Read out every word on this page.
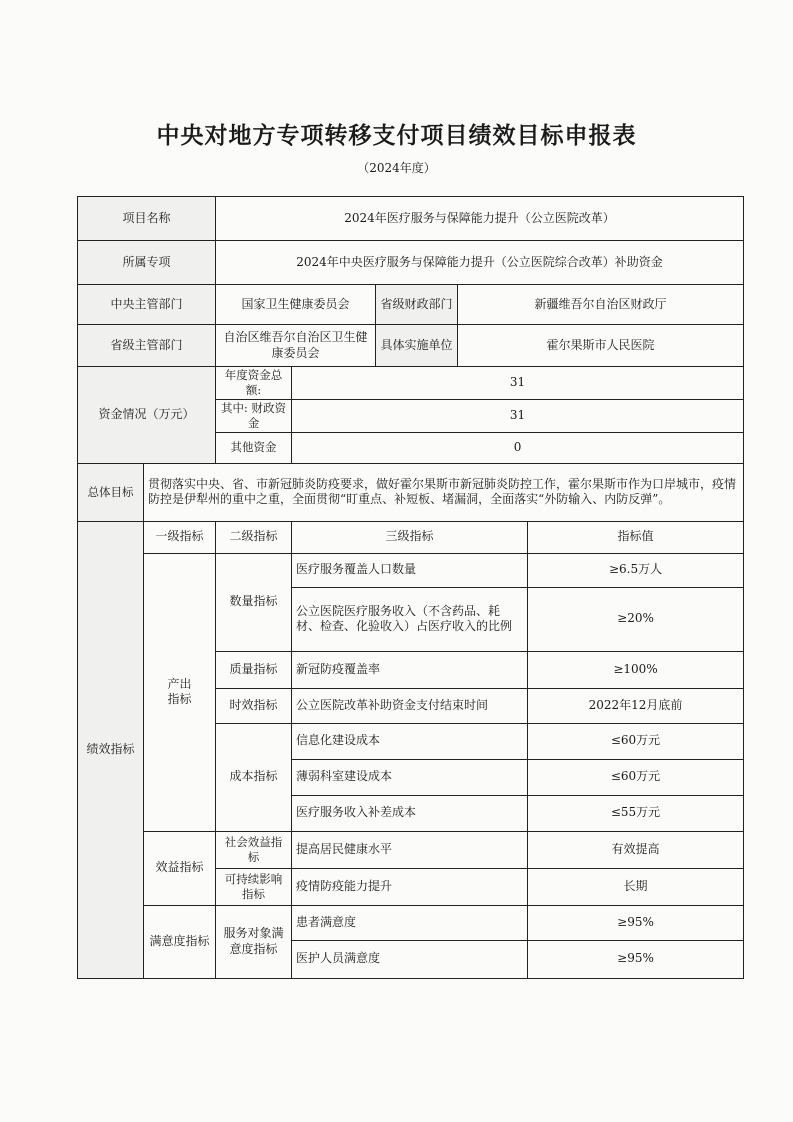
中央对地方专项转移支付项目绩效目标申报表
（2024年度）
项目名称		2024年医疗服务与保障能力提升（公立医院改革）				
所属专项		2024年中央医疗服务与保障能力提升（公立医院综合改革）补助资金				
中央主管部门		国家卫生健康委员会		省级财政部门	新疆维吾尔自治区财政厅	
省级主管部门		自治区维吾尔自治区卫生健康委员会		具体实施单位	霍尔果斯市人民医院	
资金情况（万元）		年度资金总额:	31			
		其中: 财政资金	31			
		其他资金	0			
总体目标	贯彻落实中央、省、市新冠肺炎防疫要求，做好霍尔果斯市新冠肺炎防控工作，霍尔果斯市作为口岸城市，疫情防控是伊犁州的重中之重，全面贯彻“盯重点、补短板、堵漏洞，全面落实“外防输入、内防反弹”。					
绩效指标	一级指标	二级指标	三级指标			指标值
	产出指标	数量指标	医疗服务覆盖人口数量			≥6.5万人
			公立医院医疗服务收入（不含药品、耗材、检查、化验收入）占医疗收入的比例			≥20%
		质量指标	新冠防疫覆盖率			≥100%
		时效指标	公立医院改革补助资金支付结束时间			2022年12月底前
		成本指标	信息化建设成本			≤60万元
			薄弱科室建设成本			≤60万元
			医疗服务收入补差成本			≤55万元
	效益指标	社会效益指标	提高居民健康水平			有效提高
		可持续影响指标	疫情防疫能力提升			长期
	满意度指标	服务对象满意度指标	患者满意度			≥95%
			医护人员满意度			≥95%
